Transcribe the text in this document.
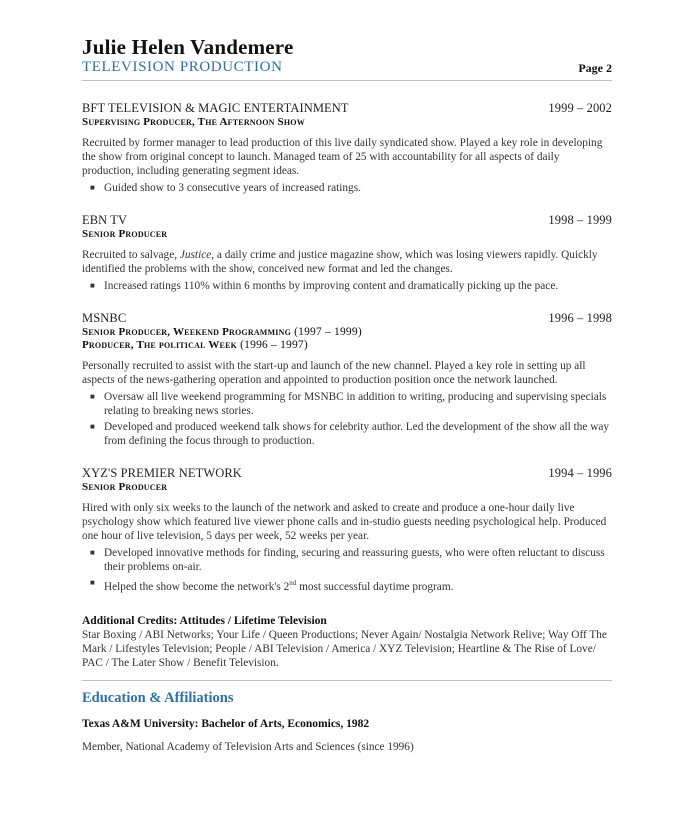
Julie Helen Vandemere
TELEVISION PRODUCTION	Page 2
BFT TELEVISION & MAGIC ENTERTAINMENT	1999 – 2002
Supervising Producer, The Afternoon Show
Recruited by former manager to lead production of this live daily syndicated show. Played a key role in developing the show from original concept to launch. Managed team of 25 with accountability for all aspects of daily production, including generating segment ideas.
■ Guided show to 3 consecutive years of increased ratings.
EBN TV	1998 – 1999
Senior Producer
Recruited to salvage, Justice, a daily crime and justice magazine show, which was losing viewers rapidly. Quickly identified the problems with the show, conceived new format and led the changes.
■ Increased ratings 110% within 6 months by improving content and dramatically picking up the pace.
MSNBC	1996 – 1998
Senior Producer, Weekend Programming (1997 – 1999)
Producer, The political Week (1996 – 1997)
Personally recruited to assist with the start-up and launch of the new channel. Played a key role in setting up all aspects of the news-gathering operation and appointed to production position once the network launched.
■ Oversaw all live weekend programming for MSNBC in addition to writing, producing and supervising specials relating to breaking news stories.
■ Developed and produced weekend talk shows for celebrity author. Led the development of the show all the way from defining the focus through to production.
XYZ'S PREMIER NETWORK	1994 – 1996
Senior Producer
Hired with only six weeks to the launch of the network and asked to create and produce a one-hour daily live psychology show which featured live viewer phone calls and in-studio guests needing psychological help. Produced one hour of live television, 5 days per week, 52 weeks per year.
■ Developed innovative methods for finding, securing and reassuring guests, who were often reluctant to discuss their problems on-air.
■ Helped the show become the network's 2nd most successful daytime program.
Additional Credits: Attitudes / Lifetime Television
Star Boxing / ABI Networks; Your Life / Queen Productions; Never Again/ Nostalgia Network Relive; Way Off The Mark / Lifestyles Television; People / ABI Television / America / XYZ Television; Heartline & The Rise of Love/ PAC / The Later Show / Benefit Television.
Education & Affiliations
Texas A&M University: Bachelor of Arts, Economics, 1982
Member, National Academy of Television Arts and Sciences (since 1996)
